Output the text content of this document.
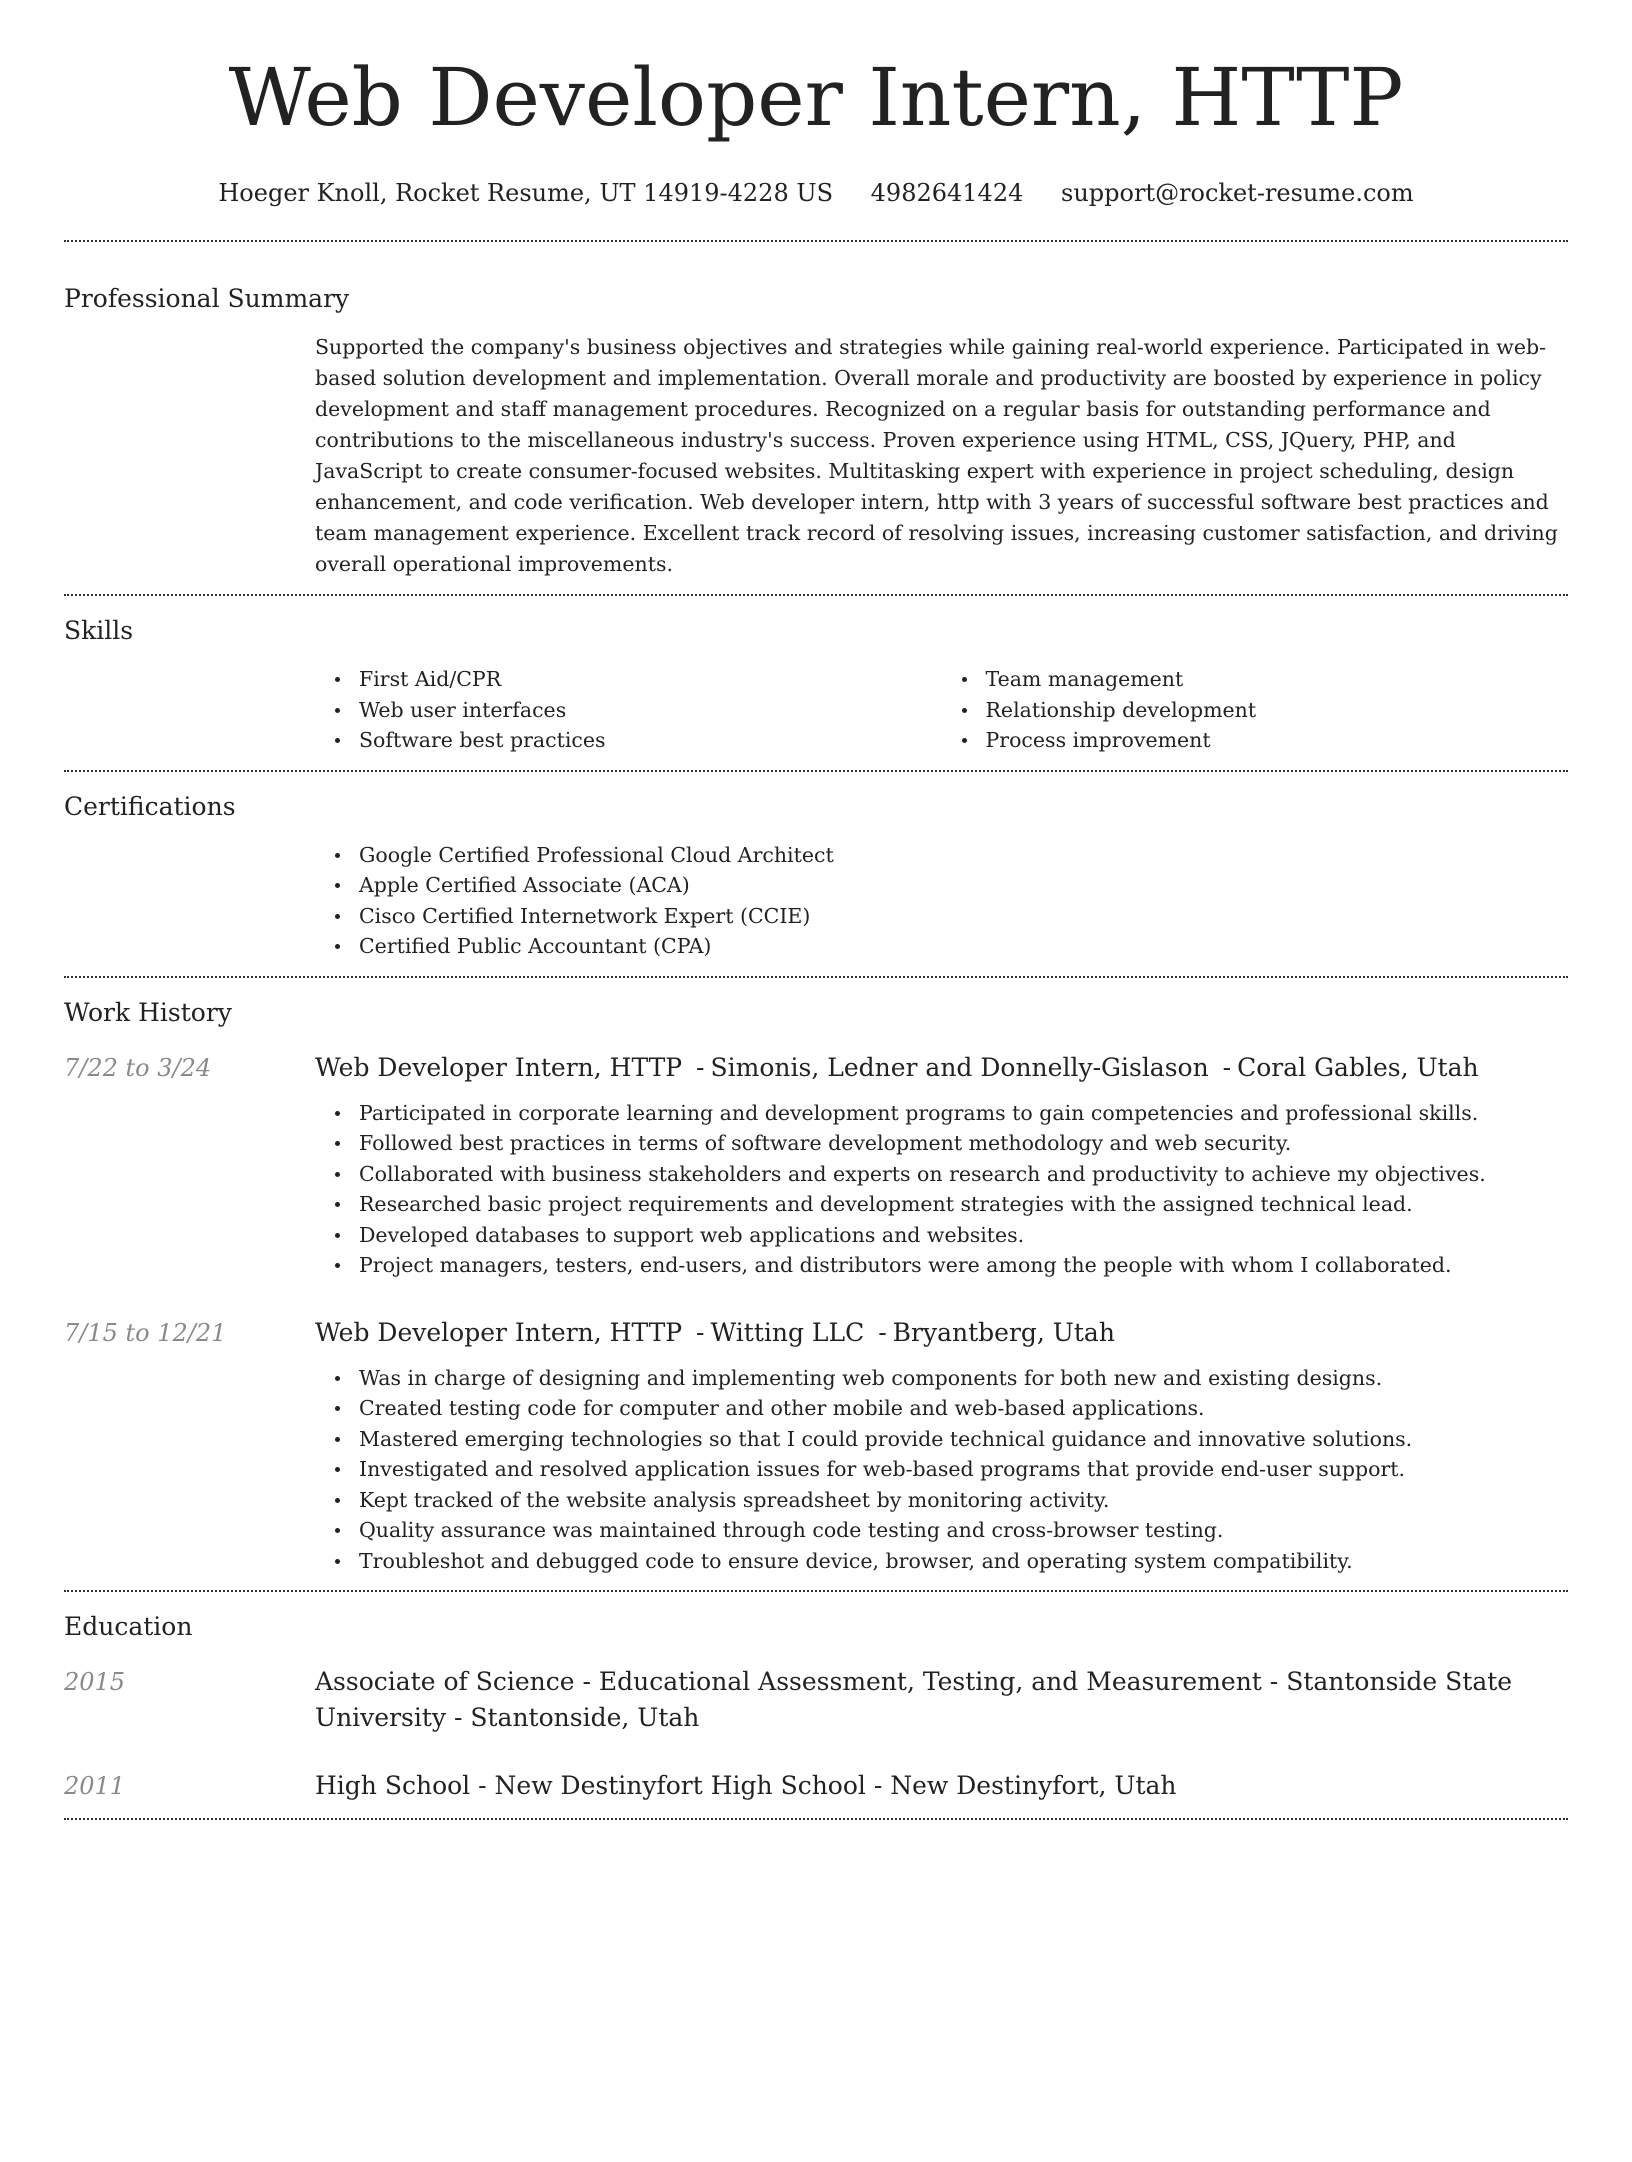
Web Developer Intern, HTTP
Hoeger Knoll, Rocket Resume, UT 14919-4228 US 4982641424 support@rocket-resume.com
Professional Summary

Supported the company's business objectives and strategies while gaining real-world experience. Participated in web-based solution development and implementation. Overall morale and productivity are boosted by experience in policy development and staff management procedures. Recognized on a regular basis for outstanding performance and contributions to the miscellaneous industry's success. Proven experience using HTML, CSS, JQuery, PHP, and JavaScript to create consumer-focused websites. Multitasking expert with experience in project scheduling, design enhancement, and code verification. Web developer intern, http with 3 years of successful software best practices and team management experience. Excellent track record of resolving issues, increasing customer satisfaction, and driving overall operational improvements.

Skills
First Aid/CPR
Web user interfaces
Software best practices
Team management
Relationship development
Process improvement
Certifications
Google Certified Professional Cloud Architect
Apple Certified Associate (ACA)
Cisco Certified Internetwork Expert (CCIE)
Certified Public Accountant (CPA)
Work History
7/22 to 3/24	Web Developer Intern, HTTP - Simonis, Ledner and Donnelly-Gislason - Coral Gables, Utah
Participated in corporate learning and development programs to gain competencies and professional skills.
Followed best practices in terms of software development methodology and web security.
Collaborated with business stakeholders and experts on research and productivity to achieve my objectives.
Researched basic project requirements and development strategies with the assigned technical lead.
Developed databases to support web applications and websites.
Project managers, testers, end-users, and distributors were among the people with whom I collaborated.
7/15 to 12/21	Web Developer Intern, HTTP - Witting LLC - Bryantberg, Utah
Was in charge of designing and implementing web components for both new and existing designs.
Created testing code for computer and other mobile and web-based applications.
Mastered emerging technologies so that I could provide technical guidance and innovative solutions.
Investigated and resolved application issues for web-based programs that provide end-user support.
Kept tracked of the website analysis spreadsheet by monitoring activity.
Quality assurance was maintained through code testing and cross-browser testing.
Troubleshot and debugged code to ensure device, browser, and operating system compatibility.
Education
2015	Associate of Science - Educational Assessment, Testing, and Measurement - Stantonside State University - Stantonside, Utah
2011	High School - New Destinyfort High School - New Destinyfort, Utah
